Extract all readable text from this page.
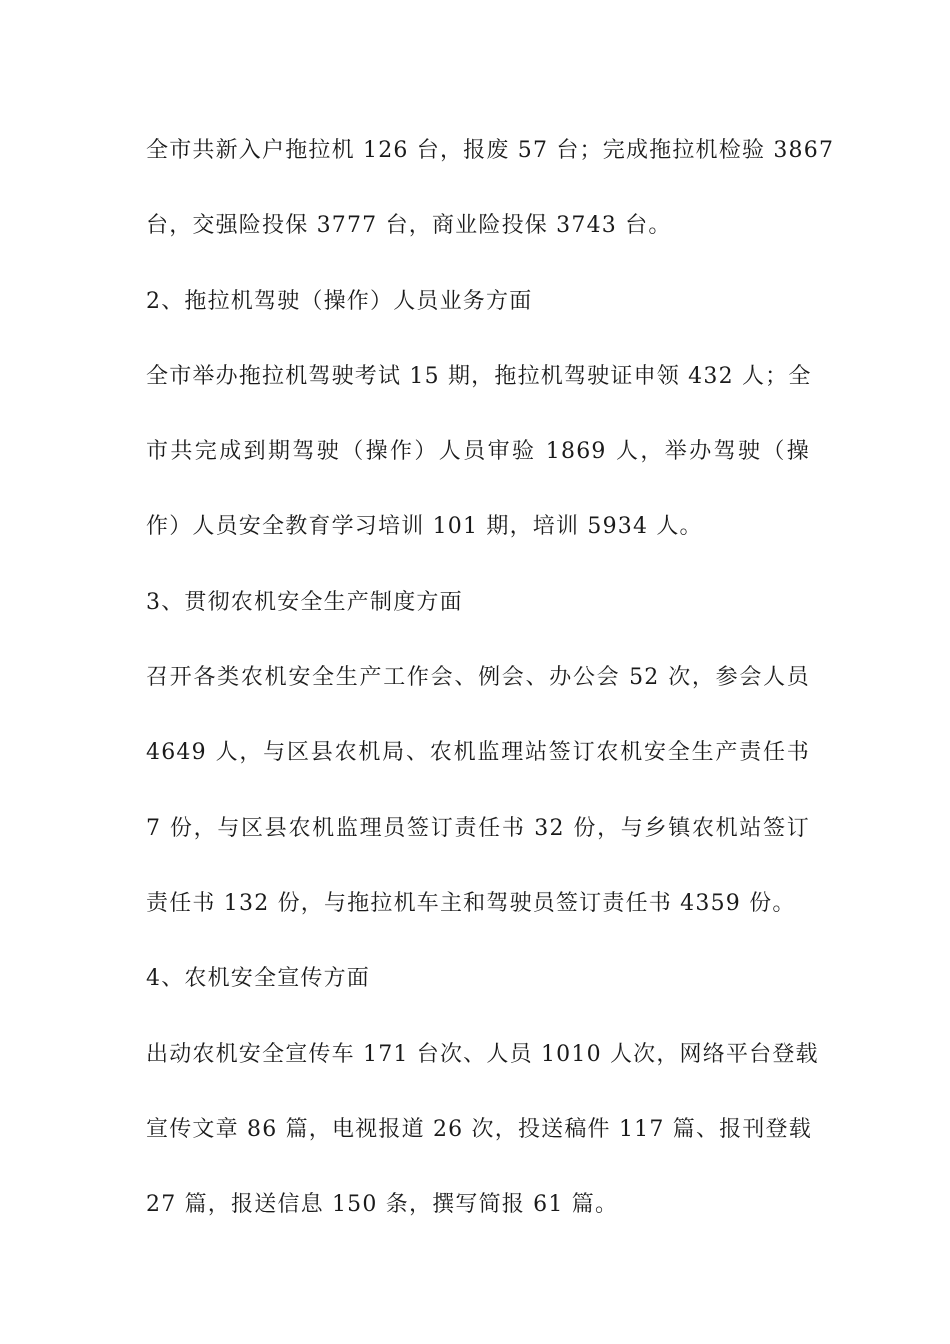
全市共新入户拖拉机 126 台，报废 57 台；完成拖拉机检验 3867
台，交强险投保 3777 台，商业险投保 3743 台。
2、拖拉机驾驶（操作）人员业务方面
全市举办拖拉机驾驶考试 15 期，拖拉机驾驶证申领 432 人；全
市共完成到期驾驶（操作）人员审验 1869 人，举办驾驶（操
作）人员安全教育学习培训 101 期，培训 5934 人。
3、贯彻农机安全生产制度方面
召开各类农机安全生产工作会、例会、办公会 52 次，参会人员
4649 人，与区县农机局、农机监理站签订农机安全生产责任书
7 份，与区县农机监理员签订责任书 32 份，与乡镇农机站签订
责任书 132 份，与拖拉机车主和驾驶员签订责任书 4359 份。
4、农机安全宣传方面
出动农机安全宣传车 171 台次、人员 1010 人次，网络平台登载
宣传文章 86 篇，电视报道 26 次，投送稿件 117 篇、报刊登载
27 篇，报送信息 150 条，撰写简报 61 篇。
